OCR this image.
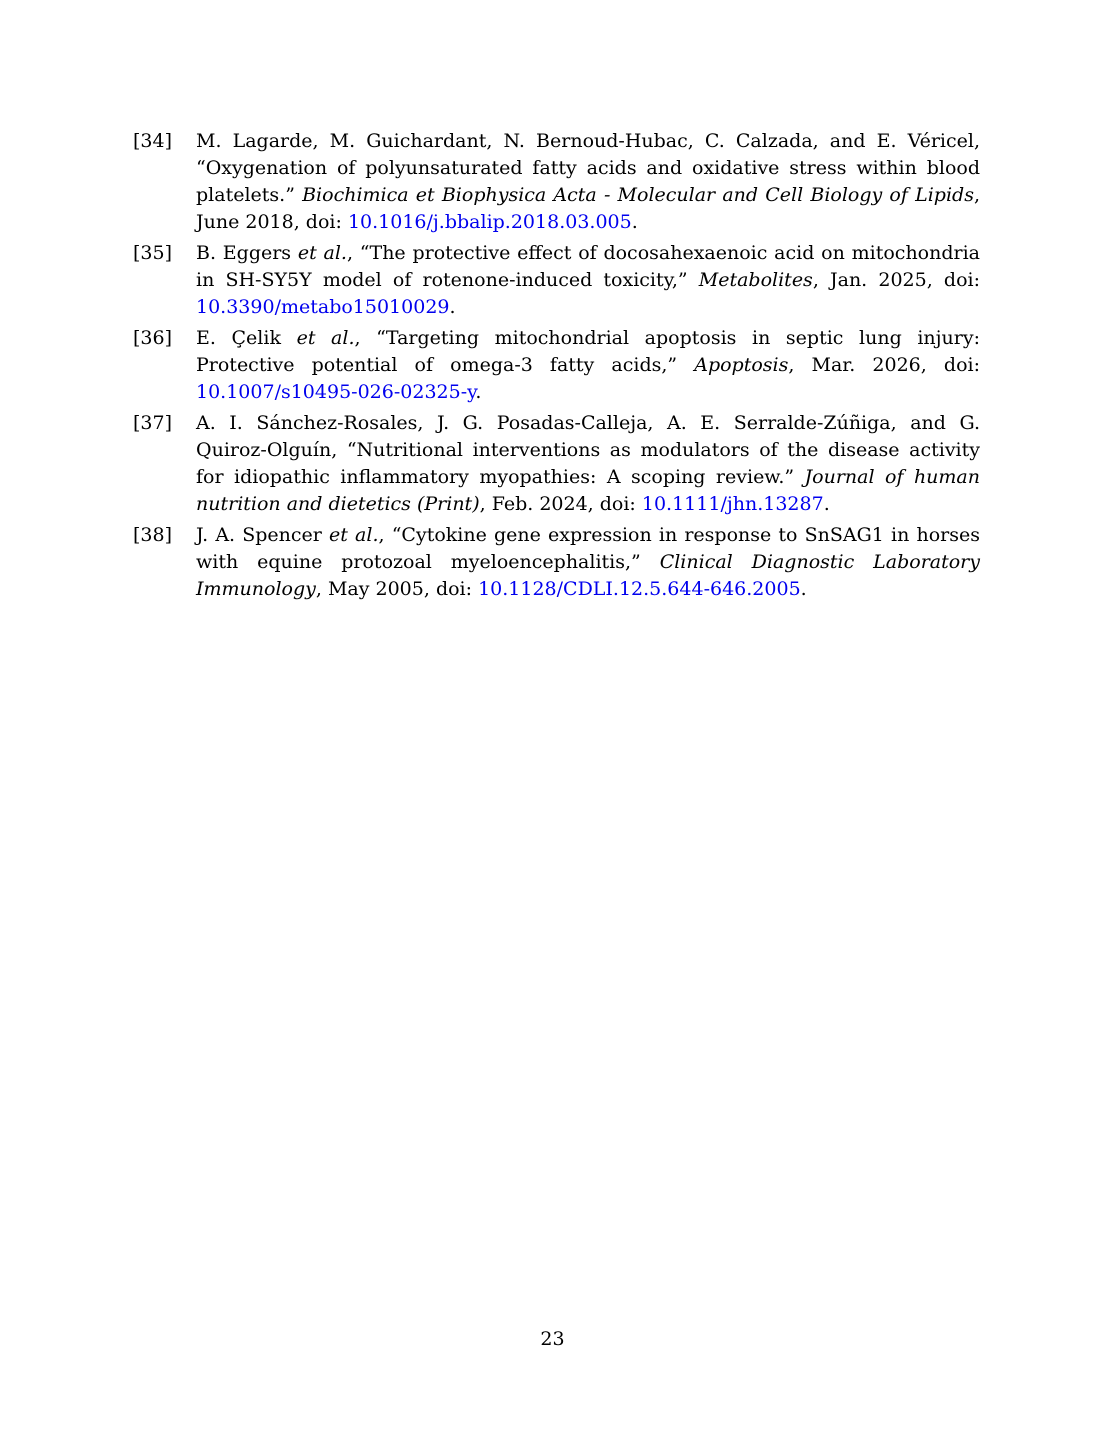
[34]	M. Lagarde, M. Guichardant, N. Bernoud-Hubac, C. Calzada, and E. Véricel, “Oxygenation of polyunsaturated fatty acids and oxidative stress within blood platelets.” Biochimica et Biophysica Acta - Molecular and Cell Biology of Lipids, June 2018, doi: 10.1016/j.bbalip.2018.03.005.
[35]	B. Eggers et al., “The protective effect of docosahexaenoic acid on mitochondria in SH-SY5Y model of rotenone-induced toxicity,” Metabolites, Jan. 2025, doi: 10.3390/metabo15010029.
[36]	E. Çelik et al., “Targeting mitochondrial apoptosis in septic lung injury: Protective potential of omega-3 fatty acids,” Apoptosis, Mar. 2026, doi: 10.1007/s10495-026-02325-y.
[37]	A. I. Sánchez-Rosales, J. G. Posadas-Calleja, A. E. Serralde-Zúñiga, and G. Quiroz-Olguín, “Nutritional interventions as modulators of the disease activity for idiopathic inflammatory myopathies: A scoping review.” Journal of human nutrition and dietetics (Print), Feb. 2024, doi: 10.1111/jhn.13287.
[38]	J. A. Spencer et al., “Cytokine gene expression in response to SnSAG1 in horses with equine protozoal myeloencephalitis,” Clinical Diagnostic Laboratory Immunology, May 2005, doi: 10.1128/CDLI.12.5.644-646.2005.
23
